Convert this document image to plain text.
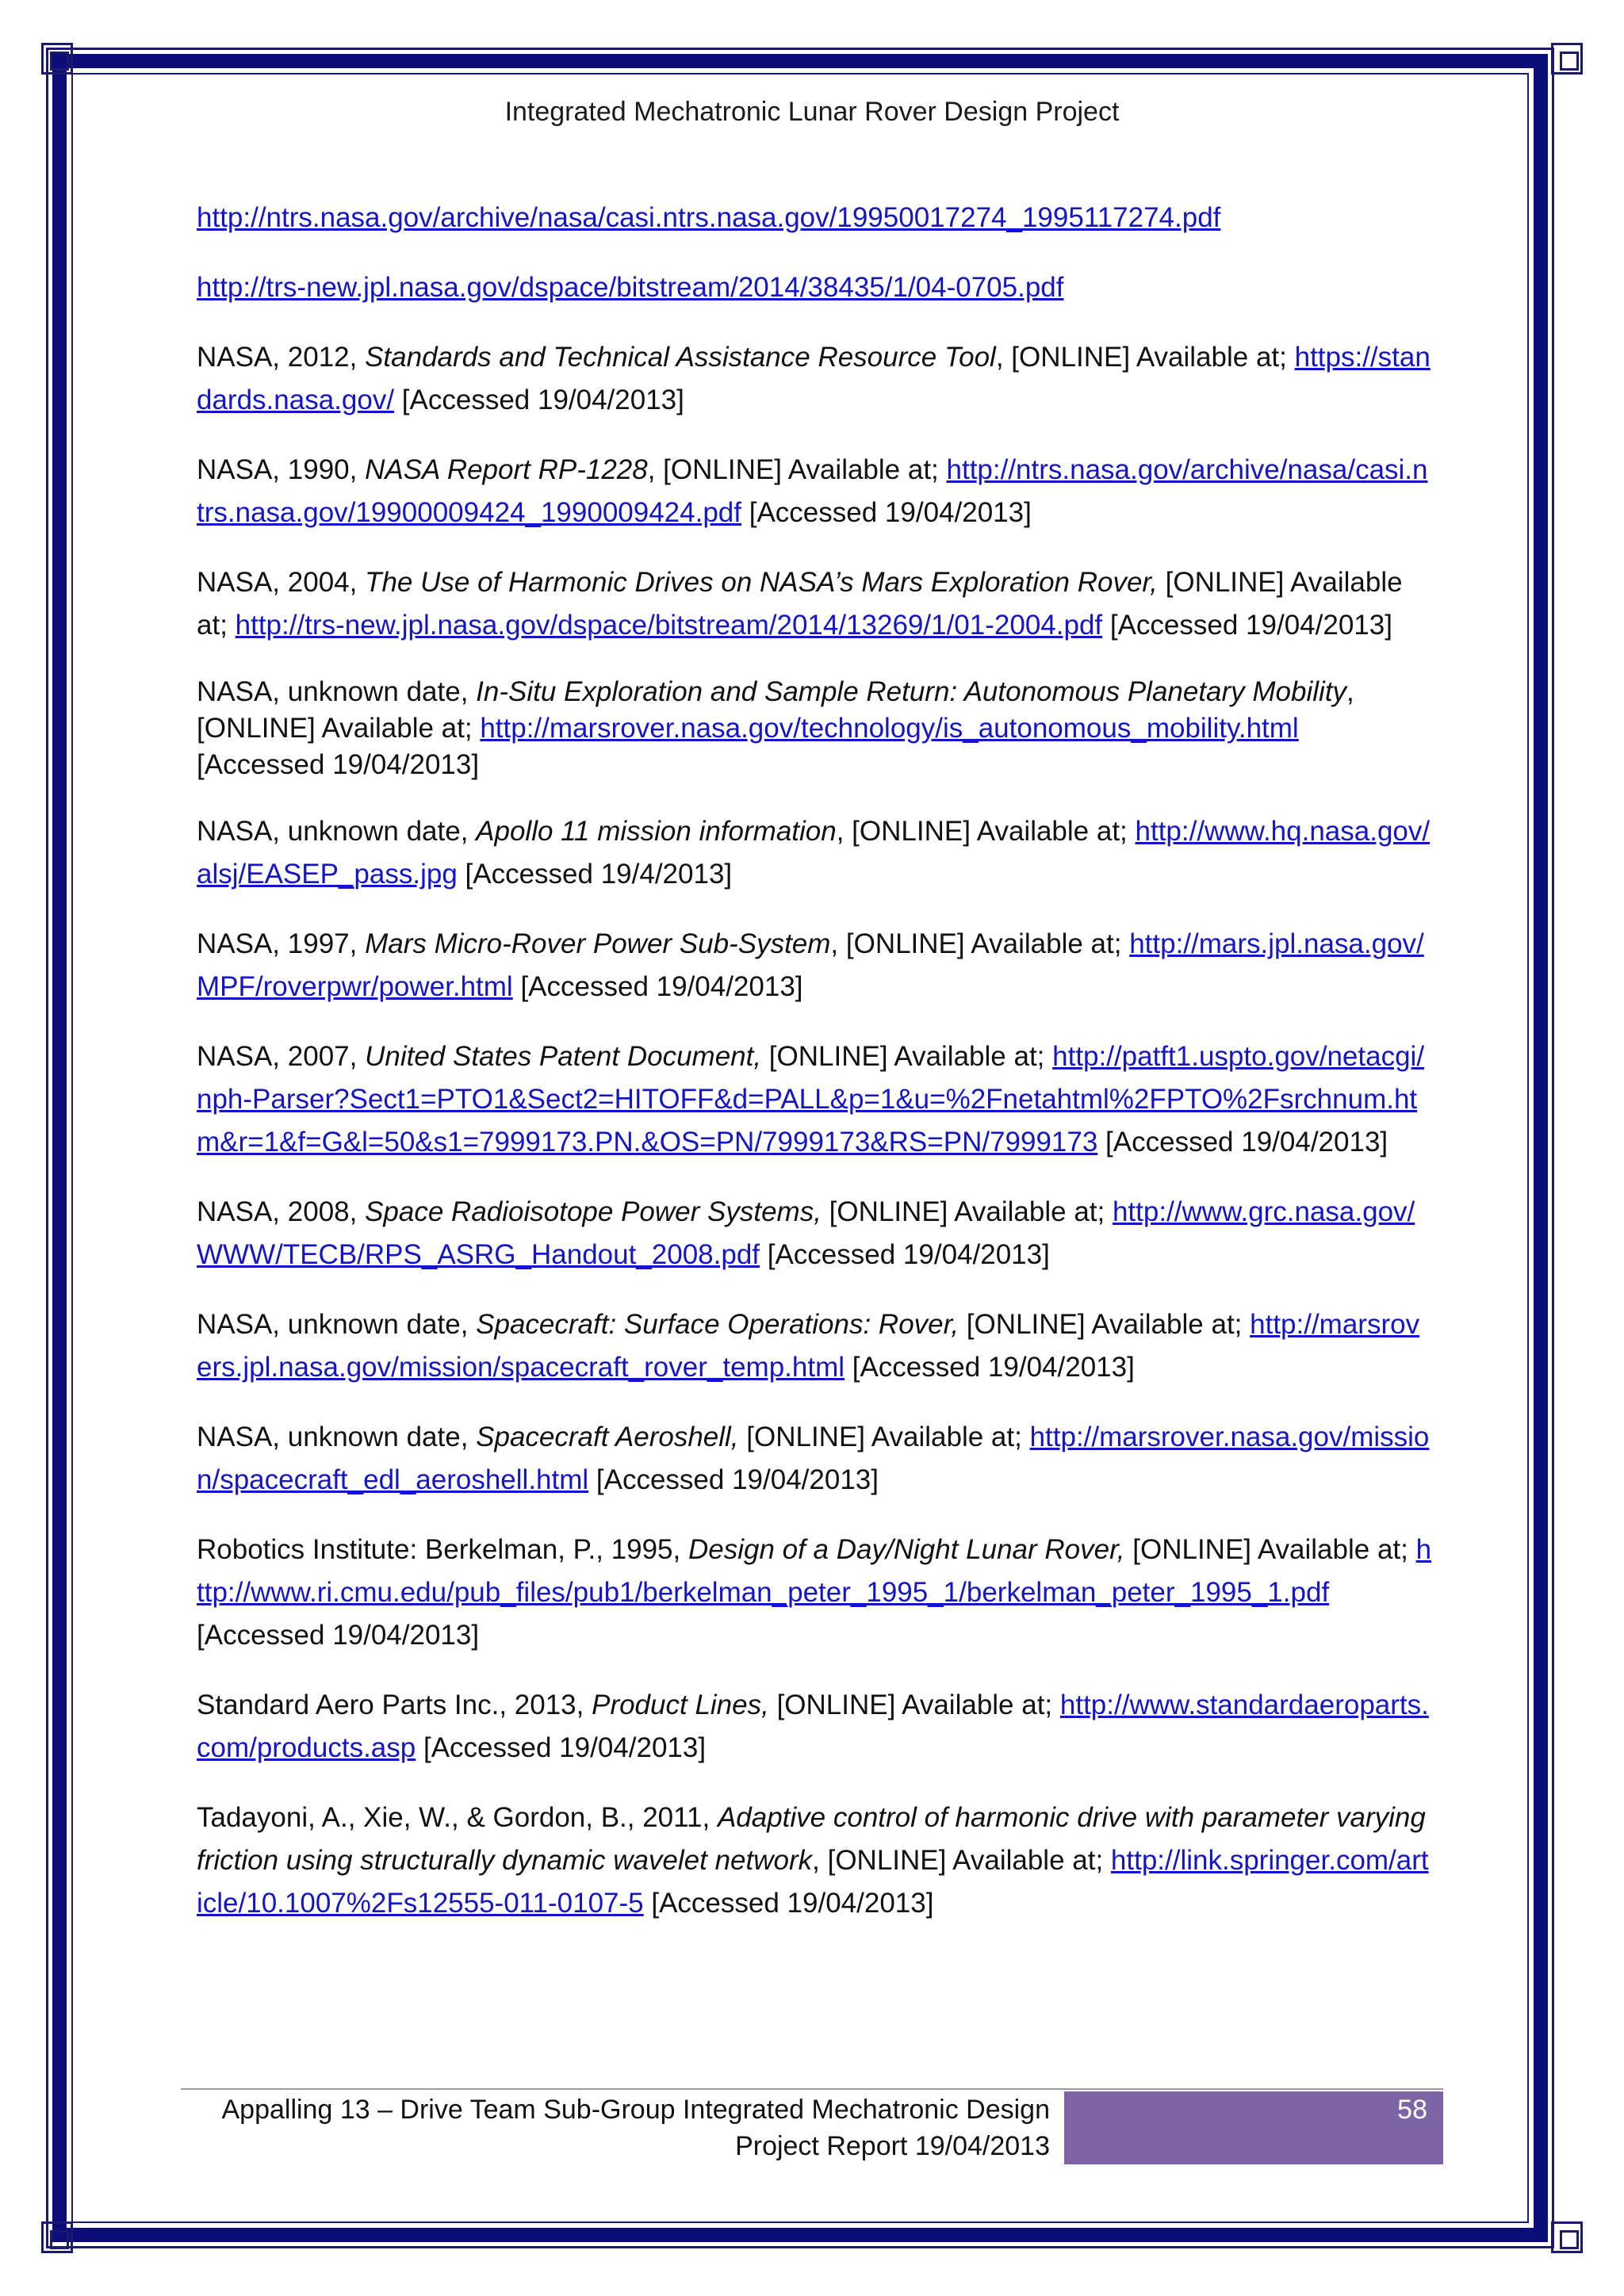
Integrated Mechatronic Lunar Rover Design Project

http://ntrs.nasa.gov/archive/nasa/casi.ntrs.nasa.gov/19950017274_1995117274.pdf

http://trs-new.jpl.nasa.gov/dspace/bitstream/2014/38435/1/04-0705.pdf

NASA, 2012, Standards and Technical Assistance Resource Tool, [ONLINE] Available at; https://standards.nasa.gov/ [Accessed 19/04/2013]

NASA, 1990, NASA Report RP-1228, [ONLINE] Available at; http://ntrs.nasa.gov/archive/nasa/casi.ntrs.nasa.gov/19900009424_1990009424.pdf [Accessed 19/04/2013]

NASA, 2004, The Use of Harmonic Drives on NASA’s Mars Exploration Rover, [ONLINE] Available at; http://trs-new.jpl.nasa.gov/dspace/bitstream/2014/13269/1/01-2004.pdf [Accessed 19/04/2013]

NASA, unknown date, In-Situ Exploration and Sample Return: Autonomous Planetary Mobility, [ONLINE] Available at; http://marsrover.nasa.gov/technology/is_autonomous_mobility.html [Accessed 19/04/2013]

NASA, unknown date, Apollo 11 mission information, [ONLINE] Available at; http://www.hq.nasa.gov/alsj/EASEP_pass.jpg [Accessed 19/4/2013]

NASA, 1997, Mars Micro-Rover Power Sub-System, [ONLINE] Available at; http://mars.jpl.nasa.gov/MPF/roverpwr/power.html [Accessed 19/04/2013]

NASA, 2007, United States Patent Document, [ONLINE] Available at; http://patft1.uspto.gov/netacgi/nph-Parser?Sect1=PTO1&Sect2=HITOFF&d=PALL&p=1&u=%2Fnetahtml%2FPTO%2Fsrchnum.htm&r=1&f=G&l=50&s1=7999173.PN.&OS=PN/7999173&RS=PN/7999173 [Accessed 19/04/2013]

NASA, 2008, Space Radioisotope Power Systems, [ONLINE] Available at; http://www.grc.nasa.gov/WWW/TECB/RPS_ASRG_Handout_2008.pdf [Accessed 19/04/2013]

NASA, unknown date, Spacecraft: Surface Operations: Rover, [ONLINE] Available at; http://marsrovers.jpl.nasa.gov/mission/spacecraft_rover_temp.html [Accessed 19/04/2013]

NASA, unknown date, Spacecraft Aeroshell, [ONLINE] Available at; http://marsrover.nasa.gov/mission/spacecraft_edl_aeroshell.html [Accessed 19/04/2013]

Robotics Institute: Berkelman, P., 1995, Design of a Day/Night Lunar Rover, [ONLINE] Available at; http://www.ri.cmu.edu/pub_files/pub1/berkelman_peter_1995_1/berkelman_peter_1995_1.pdf [Accessed 19/04/2013]

Standard Aero Parts Inc., 2013, Product Lines, [ONLINE] Available at; http://www.standardaeroparts.com/products.asp [Accessed 19/04/2013]

Tadayoni, A., Xie, W., & Gordon, B., 2011, Adaptive control of harmonic drive with parameter varying friction using structurally dynamic wavelet network, [ONLINE] Available at; http://link.springer.com/article/10.1007%2Fs12555-011-0107-5 [Accessed 19/04/2013]

Appalling 13 – Drive Team Sub-Group Integrated Mechatronic Design
Project Report 19/04/2013
58
